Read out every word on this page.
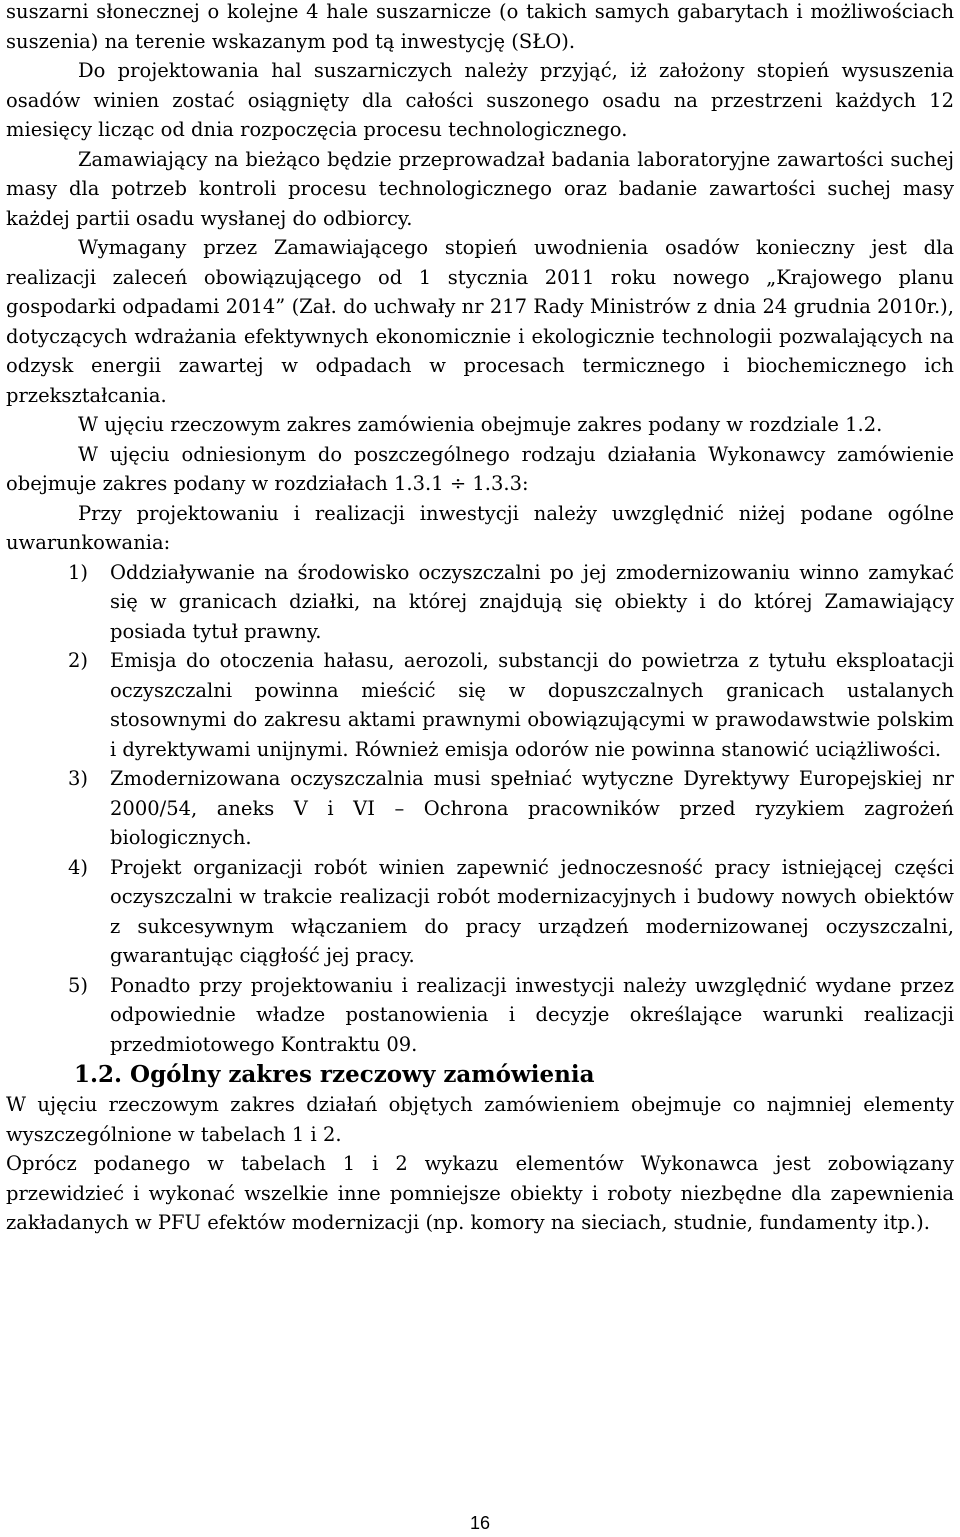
suszarni słonecznej o kolejne 4 hale suszarnicze (o takich samych gabarytach i możliwościach suszenia) na terenie wskazanym pod tą inwestycję (SŁO).

Do projektowania hal suszarniczych należy przyjąć, iż założony stopień wysuszenia osadów winien zostać osiągnięty dla całości suszonego osadu na przestrzeni każdych 12 miesięcy licząc od dnia rozpoczęcia procesu technologicznego.

Zamawiający na bieżąco będzie przeprowadzał badania laboratoryjne zawartości suchej masy dla potrzeb kontroli procesu technologicznego oraz badanie zawartości suchej masy każdej partii osadu wysłanej do odbiorcy.

Wymagany przez Zamawiającego stopień uwodnienia osadów konieczny jest dla realizacji zaleceń obowiązującego od 1 stycznia 2011 roku nowego „Krajowego planu gospodarki odpadami 2014” (Zał. do uchwały nr 217 Rady Ministrów z dnia 24 grudnia 2010r.), dotyczących wdrażania efektywnych ekonomicznie i ekologicznie technologii pozwalających na odzysk energii zawartej w odpadach w procesach termicznego i biochemicznego ich przekształcania.

W ujęciu rzeczowym zakres zamówienia obejmuje zakres podany w rozdziale 1.2.

W ujęciu odniesionym do poszczególnego rodzaju działania Wykonawcy zamówienie obejmuje zakres podany w rozdziałach 1.3.1 ÷ 1.3.3:

Przy projektowaniu i realizacji inwestycji należy uwzględnić niżej podane ogólne uwarunkowania:

1) Oddziaływanie na środowisko oczyszczalni po jej zmodernizowaniu winno zamykać się w granicach działki, na której znajdują się obiekty i do której Zamawiający posiada tytuł prawny.
2) Emisja do otoczenia hałasu, aerozoli, substancji do powietrza z tytułu eksploatacji oczyszczalni powinna mieścić się w dopuszczalnych granicach ustalanych stosownymi do zakresu aktami prawnymi obowiązującymi w prawodawstwie polskim i dyrektywami unijnymi. Również emisja odorów nie powinna stanowić uciążliwości.
3) Zmodernizowana oczyszczalnia musi spełniać wytyczne Dyrektywy Europejskiej nr 2000/54, aneks V i VI – Ochrona pracowników przed ryzykiem zagrożeń biologicznych.
4) Projekt organizacji robót winien zapewnić jednoczesność pracy istniejącej części oczyszczalni w trakcie realizacji robót modernizacyjnych i budowy nowych obiektów z sukcesywnym włączaniem do pracy urządzeń modernizowanej oczyszczalni, gwarantując ciągłość jej pracy.
5) Ponadto przy projektowaniu i realizacji inwestycji należy uwzględnić wydane przez odpowiednie władze postanowienia i decyzje określające warunki realizacji przedmiotowego Kontraktu 09.
1.2. Ogólny zakres rzeczowy zamówienia

W ujęciu rzeczowym zakres działań objętych zamówieniem obejmuje co najmniej elementy wyszczególnione w tabelach 1 i 2.

Oprócz podanego w tabelach 1 i 2 wykazu elementów Wykonawca jest zobowiązany przewidzieć i wykonać wszelkie inne pomniejsze obiekty i roboty niezbędne dla zapewnienia zakładanych w PFU efektów modernizacji (np. komory na sieciach, studnie, fundamenty itp.).

16
